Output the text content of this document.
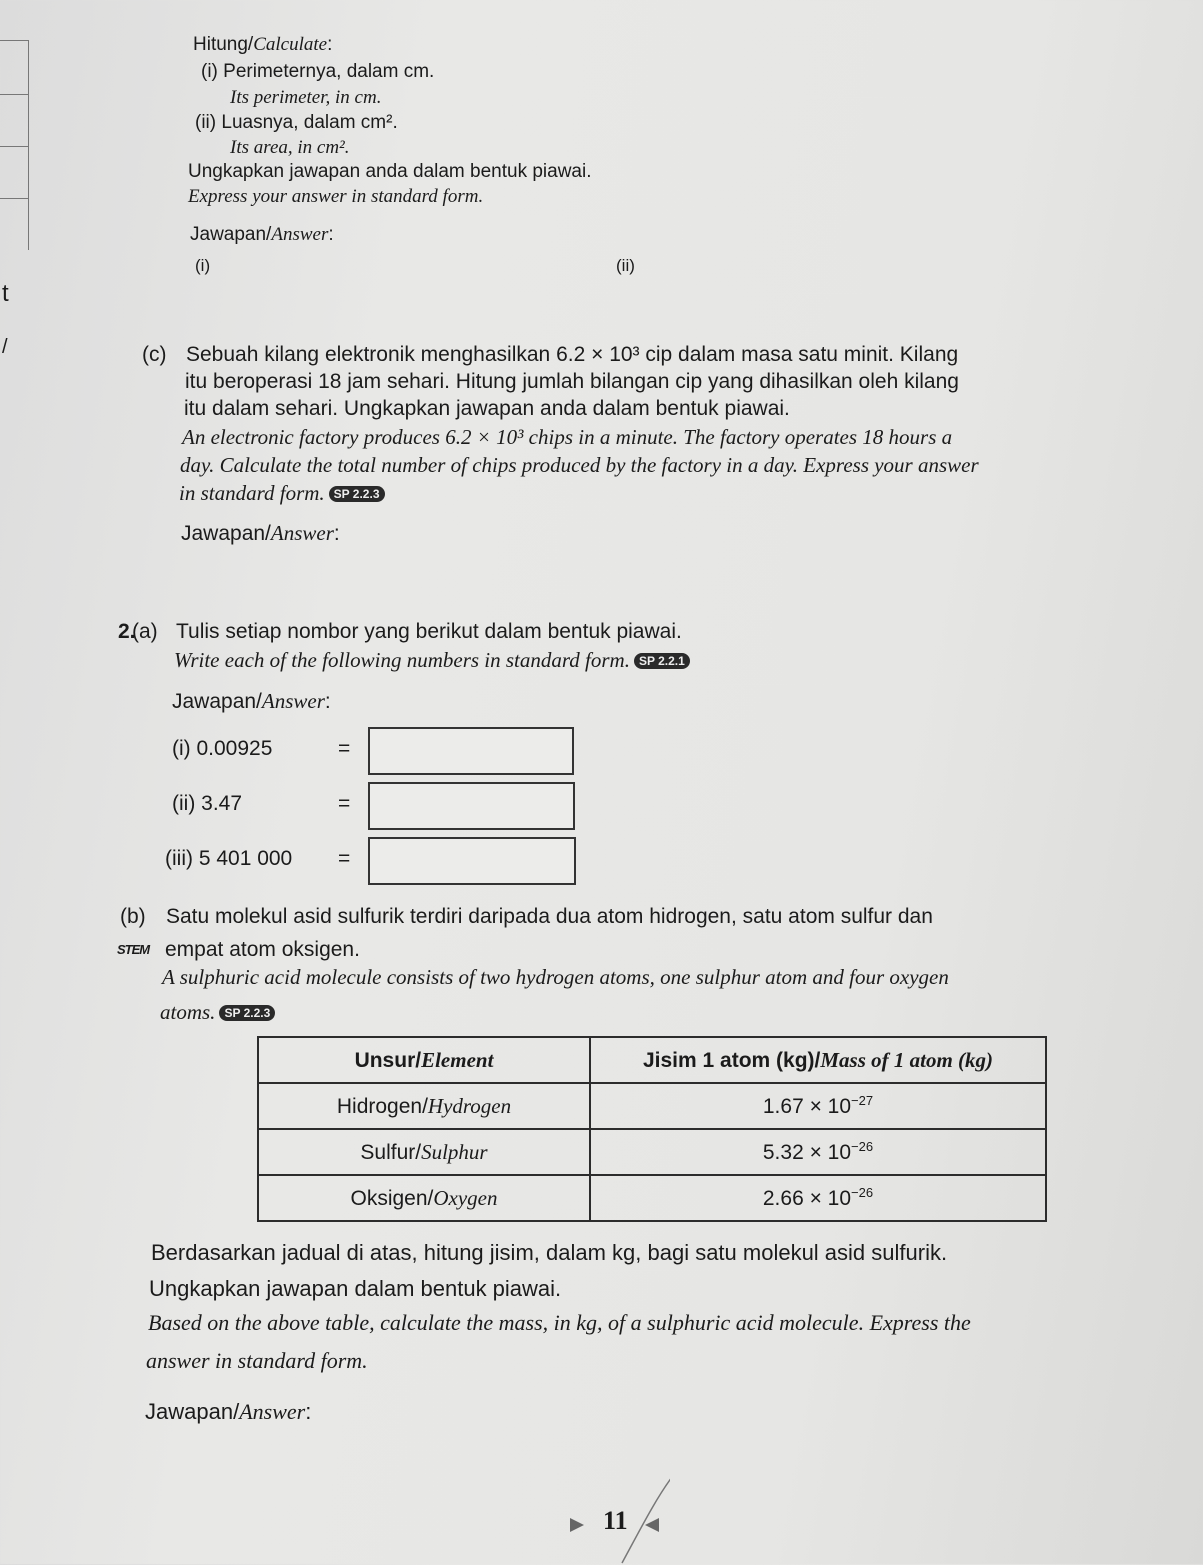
t
/
Hitung/Calculate:
(i) Perimeternya, dalam cm.
Its perimeter, in cm.
(ii) Luasnya, dalam cm².
Its area, in cm².
Ungkapkan jawapan anda dalam bentuk piawai.
Express your answer in standard form.
Jawapan/Answer:
(i)	(ii)
(c) Sebuah kilang elektronik menghasilkan 6.2 × 10³ cip dalam masa satu minit. Kilang
itu beroperasi 18 jam sehari. Hitung jumlah bilangan cip yang dihasilkan oleh kilang
itu dalam sehari. Ungkapkan jawapan anda dalam bentuk piawai.
An electronic factory produces 6.2 × 10³ chips in a minute. The factory operates 18 hours a
day. Calculate the total number of chips produced by the factory in a day. Express your answer
in standard form. SP 2.2.3
Jawapan/Answer:
2.
(a) Tulis setiap nombor yang berikut dalam bentuk piawai.
Write each of the following numbers in standard form. SP 2.2.1
Jawapan/Answer:
(i) 0.00925	=
(ii) 3.47	=
(iii) 5 401 000 =
(b) Satu molekul asid sulfurik terdiri daripada dua atom hidrogen, satu atom sulfur dan
STEM empat atom oksigen.
A sulphuric acid molecule consists of two hydrogen atoms, one sulphur atom and four oxygen
atoms. SP 2.2.3
Unsur/Element	Jisim 1 atom (kg)/Mass of 1 atom (kg)
Hidrogen/Hydrogen	$1.67 \times 10^{-27}$
Sulfur/Sulphur	$5.32 \times 10^{-26}$
Oksigen/Oxygen	$2.66 \times 10^{-26}$
Berdasarkan jadual di atas, hitung jisim, dalam kg, bagi satu molekul asid sulfurik.
Ungkapkan jawapan dalam bentuk piawai.
Based on the above table, calculate the mass, in kg, of a sulphuric acid molecule. Express the
answer in standard form.
Jawapan/Answer:
11
